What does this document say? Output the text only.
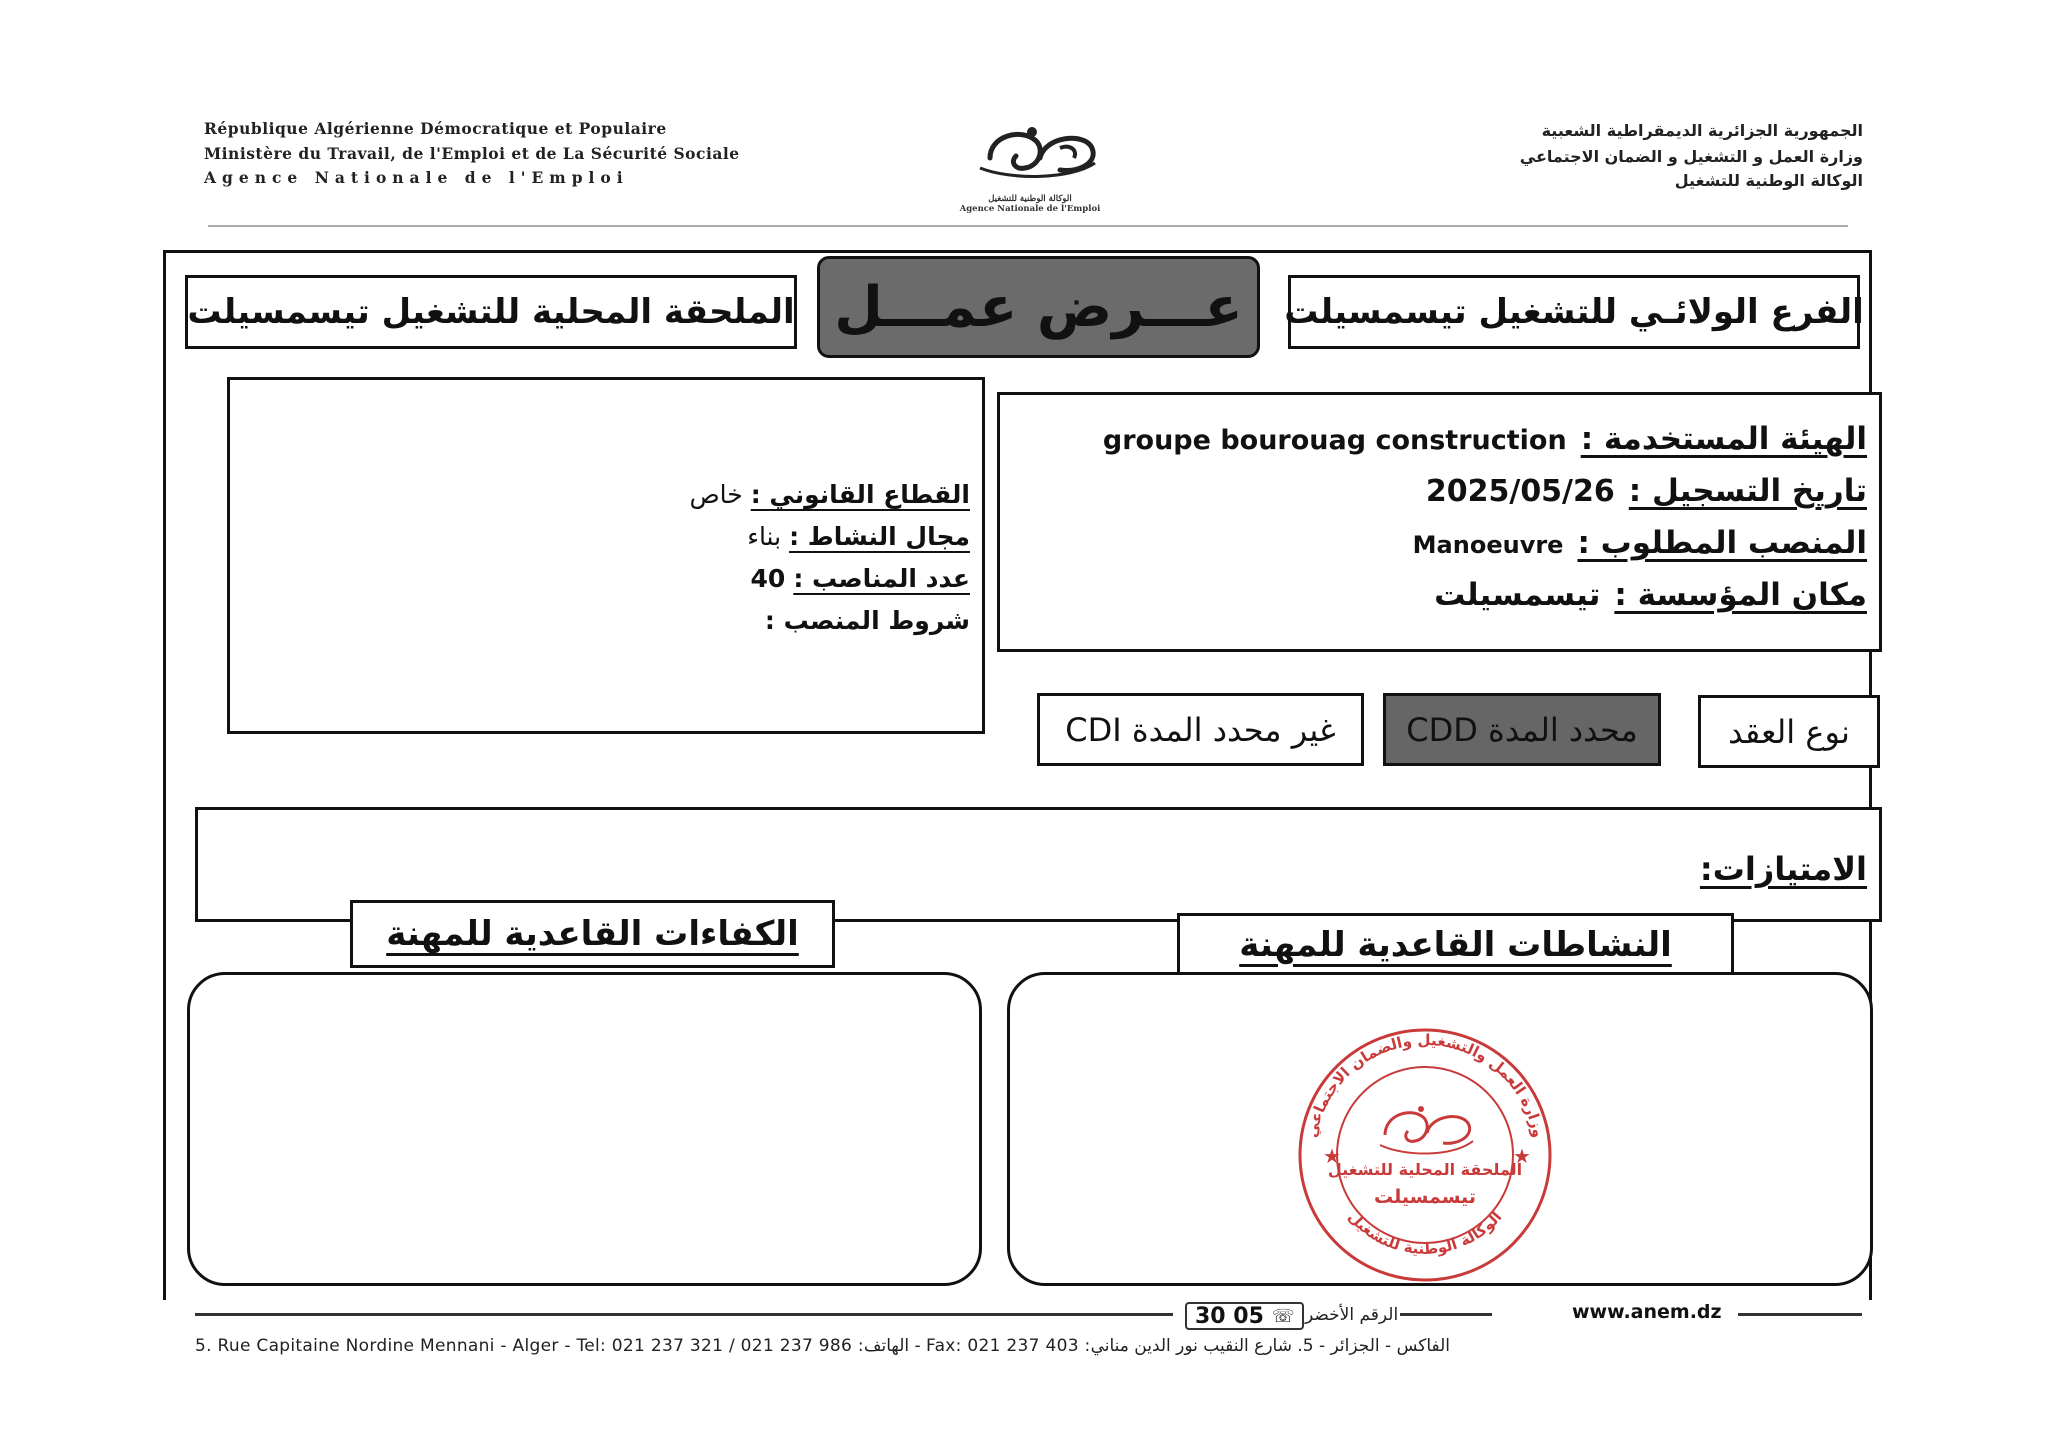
République Algérienne Démocratique et Populaire
Ministère du Travail, de l'Emploi et de La Sécurité Sociale
Agence Nationale de l'Emploi
الجمهورية الجزائرية الديمقراطية الشعبية
وزارة العمل و التشغيل و الضمان الاجتماعي
الوكالة الوطنية للتشغيل
الوكالة الوطنية للتشغيل
Agence Nationale de l'Emploi
الفرع الولائـي للتشغيل تيسمسيلت
عـــرض عمـــل
الملحقة المحلية للتشغيل تيسمسيلت
الهيئة المستخدمة :
groupe bourouag construction
تاريخ التسجيل :
2025/05/26
المنصب المطلوب :
Manoeuvre
مكان المؤسسة :
تيسمسيلت
القطاع القانوني :
خاص
مجال النشاط :
بناء
عدد المناصب :
40
شروط المنصب :
نوع العقد
محدد المدة CDD
غير محدد المدة CDI
الامتيازات:
النشاطات القاعدية للمهنة
الكفاءات القاعدية للمهنة
وزارة العمل والتشغيل والضمان الاجتماعي
الوكالة الوطنية للتشغيل
الملحقة المحلية للتشغيل
تيسمسيلت
★	★
30 05 ☏ الرقم الأخضر	www.anem.dz
5. Rue Capitaine Nordine Mennani - Alger - Tel: 021 237 321 / 021 237 986 :الهاتف - Fax: 021 237 403 :الفاكس - الجزائر - 5. شارع النقيب نور الدين مناني
